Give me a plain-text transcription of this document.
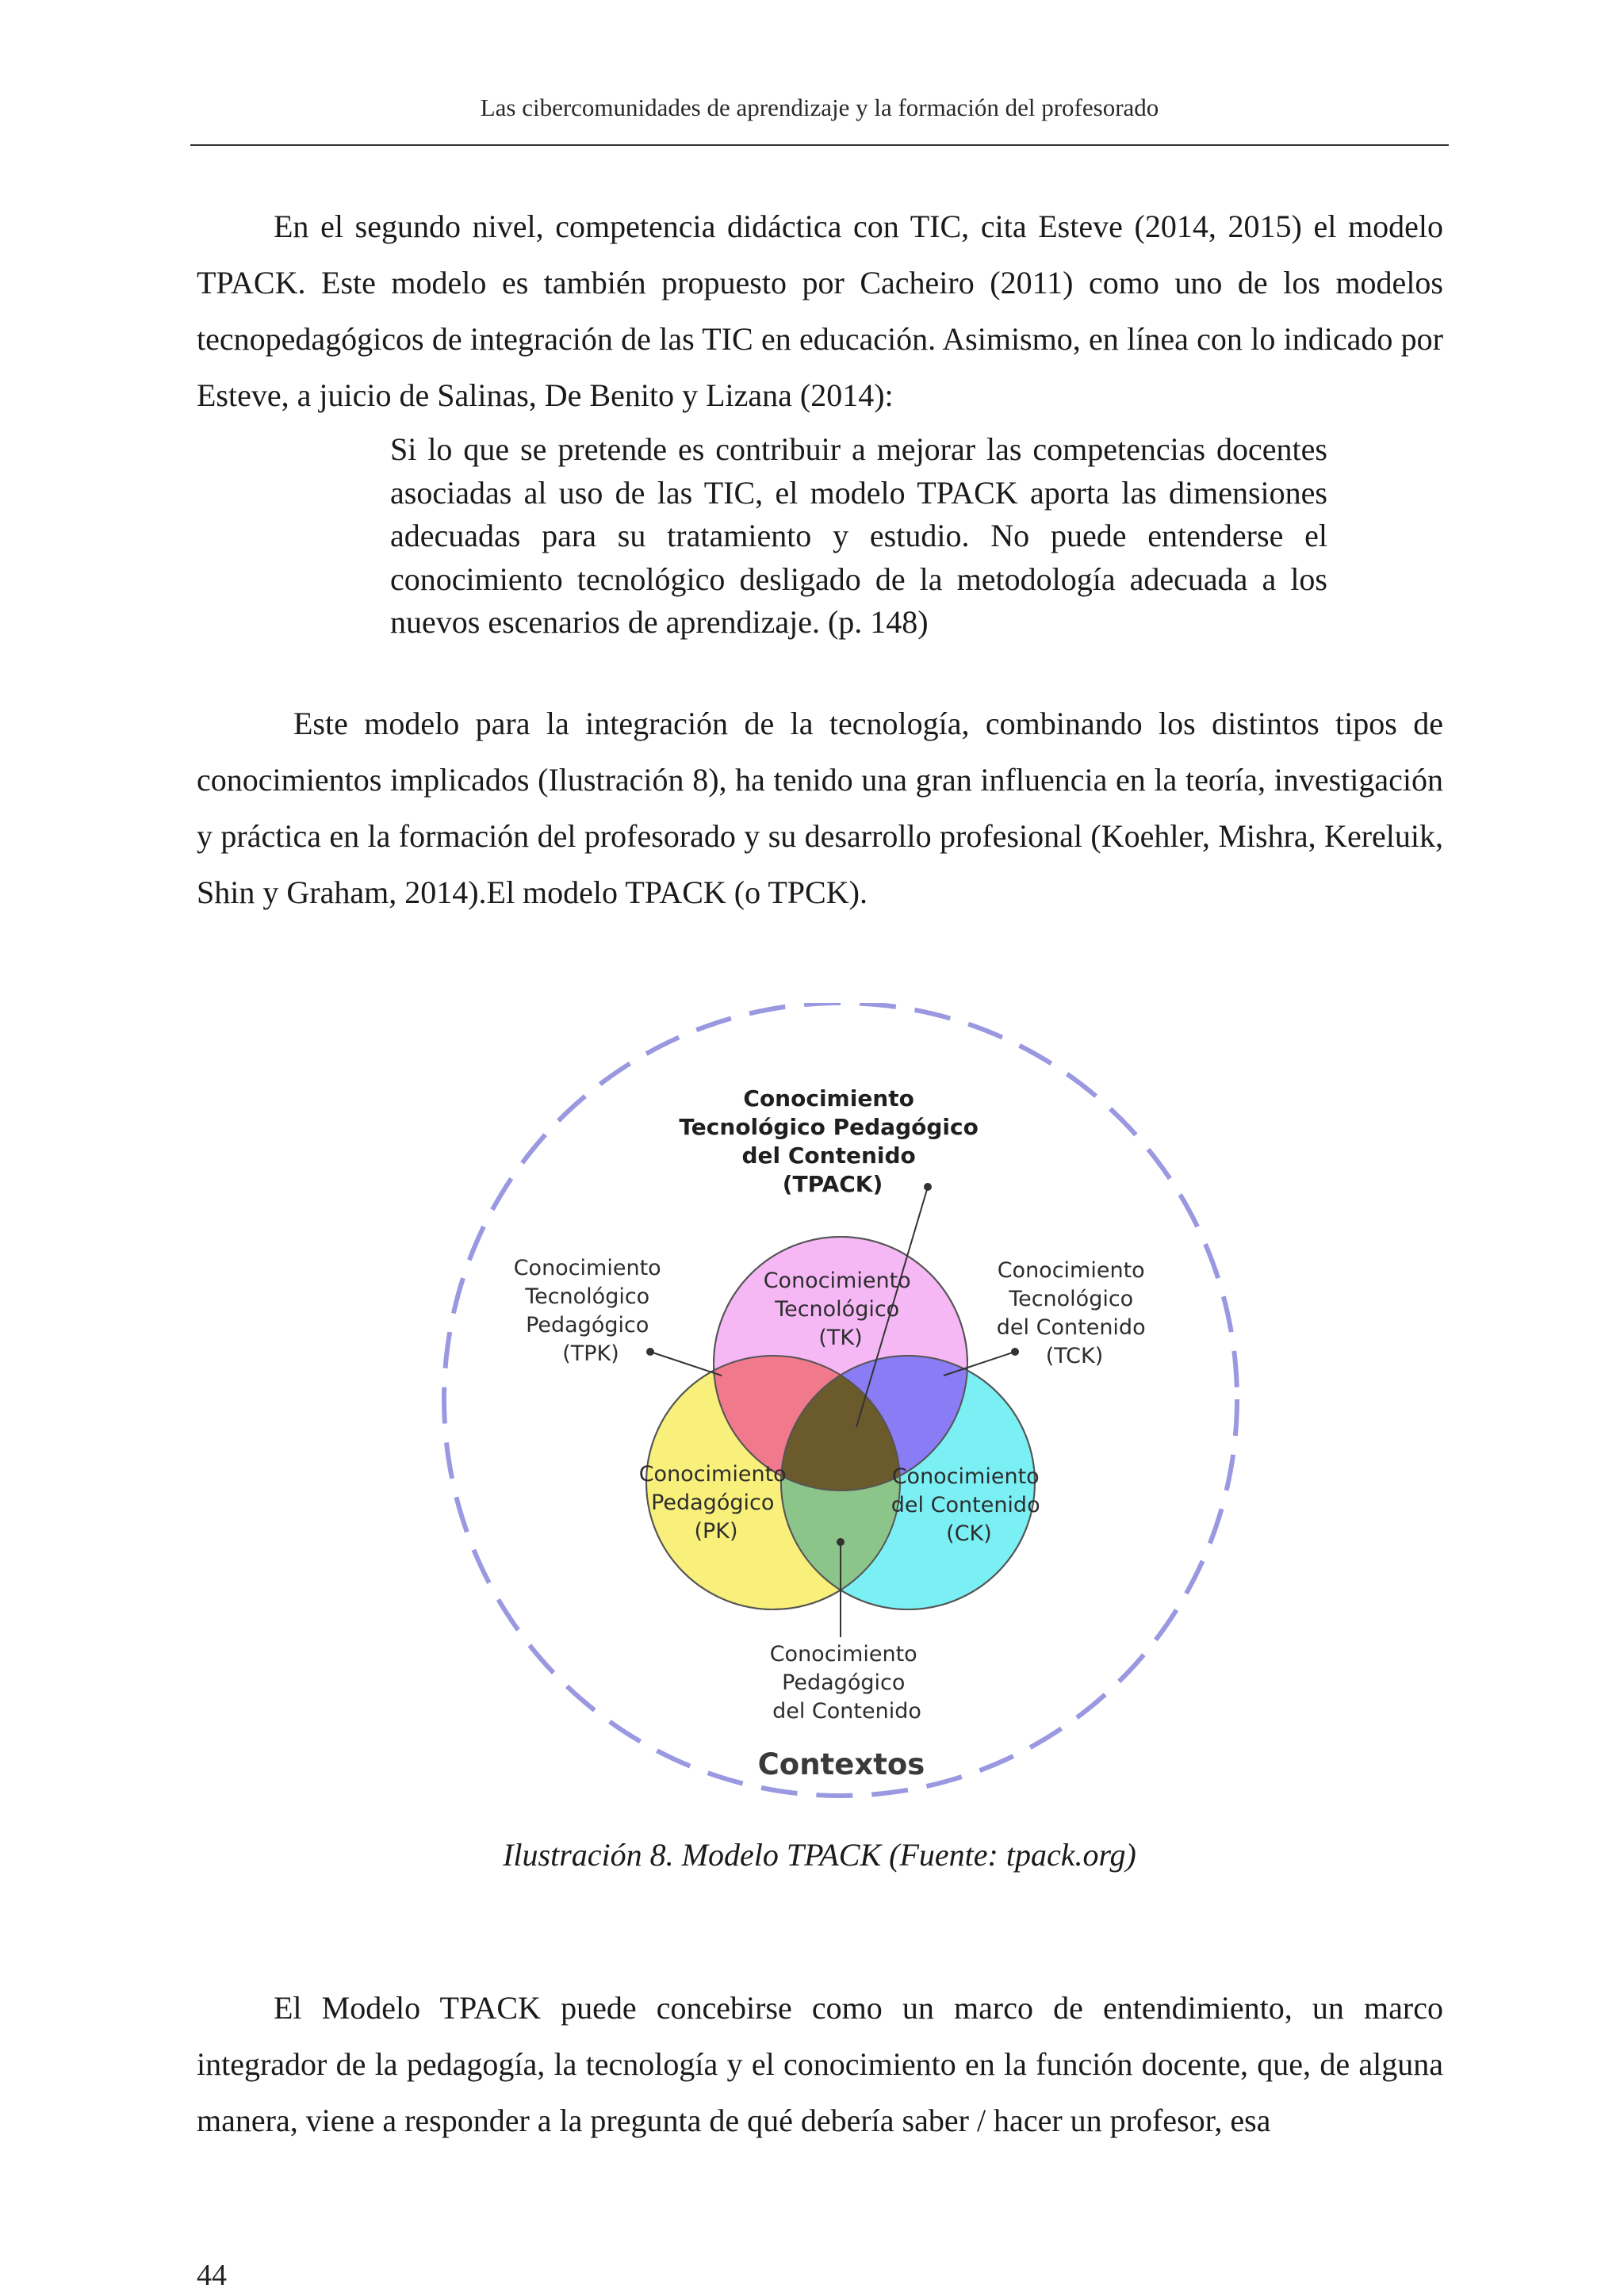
Las cibercomunidades de aprendizaje y la formación del profesorado

En el segundo nivel, competencia didáctica con TIC, cita Esteve (2014, 2015) el modelo TPACK. Este modelo es también propuesto por Cacheiro (2011) como uno de los modelos tecnopedagógicos de integración de las TIC en educación. Asimismo, en línea con lo indicado por Esteve, a juicio de Salinas, De Benito y Lizana (2014):

Si lo que se pretende es contribuir a mejorar las competencias docentes asociadas al uso de las TIC, el modelo TPACK aporta las dimensiones adecuadas para su tratamiento y estudio. No puede entenderse el conocimiento tecnológico desligado de la metodología adecuada a los nuevos escenarios de aprendizaje. (p. 148)

Este modelo para la integración de la tecnología, combinando los distintos tipos de conocimientos implicados (Ilustración 8), ha tenido una gran influencia en la teoría, investigación y práctica en la formación del profesorado y su desarrollo profesional (Koehler, Mishra, Kereluik, Shin y Graham, 2014).El modelo TPACK (o TPCK).

Conocimiento Tecnológico Pedagógico del Contenido (TPACK)
Conocimiento Tecnológico Pedagógico (TPK)
Conocimiento Tecnológico (TK)
Conocimiento Tecnológico del Contenido (TCK)
Conocimiento Pedagógico (PK)
Conocimiento del Contenido (CK)
Conocimiento Pedagógico del Contenido
Contextos
Ilustración 8. Modelo TPACK (Fuente: tpack.org)

El Modelo TPACK puede concebirse como un marco de entendimiento, un marco integrador de la pedagogía, la tecnología y el conocimiento en la función docente, que, de alguna manera, viene a responder a la pregunta de qué debería saber / hacer un profesor, esa

44
